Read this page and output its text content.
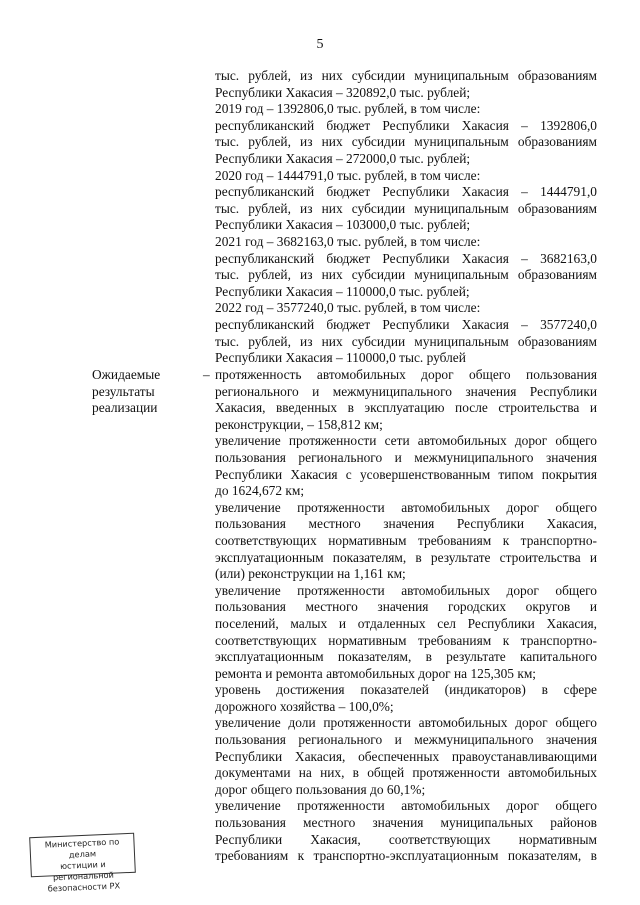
5
тыс. рублей, из них субсидии муниципальным образованиям
Республики Хакасия – 320892,0 тыс. рублей;
2019 год – 1392806,0 тыс. рублей, в том числе:
республиканский бюджет Республики Хакасия – 1392806,0
тыс. рублей, из них субсидии муниципальным образованиям
Республики Хакасия – 272000,0 тыс. рублей;
2020 год – 1444791,0 тыс. рублей, в том числе:
республиканский бюджет Республики Хакасия – 1444791,0
тыс. рублей, из них субсидии муниципальным образованиям
Республики Хакасия – 103000,0 тыс. рублей;
2021 год – 3682163,0 тыс. рублей, в том числе:
республиканский бюджет Республики Хакасия – 3682163,0
тыс. рублей, из них субсидии муниципальным образованиям
Республики Хакасия – 110000,0 тыс. рублей;
2022 год – 3577240,0 тыс. рублей, в том числе:
республиканский бюджет Республики Хакасия – 3577240,0
тыс. рублей, из них субсидии муниципальным образованиям
Республики Хакасия – 110000,0 тыс. рублей
Ожидаемые
результаты
реализации
– протяженность автомобильных дорог общего пользования
регионального и межмуниципального значения Республики
Хакасия, введенных в эксплуатацию после строительства и
реконструкции, – 158,812 км;
увеличение протяженности сети автомобильных дорог общего
пользования регионального и межмуниципального значения
Республики Хакасия с усовершенствованным типом покрытия
до 1624,672 км;
увеличение протяженности автомобильных дорог общего
пользования местного значения Республики Хакасия,
соответствующих нормативным требованиям к транспортно-
эксплуатационным показателям, в результате строительства и
(или) реконструкции на 1,161 км;
увеличение протяженности автомобильных дорог общего
пользования местного значения городских округов и
поселений, малых и отдаленных сел Республики Хакасия,
соответствующих нормативным требованиям к транспортно-
эксплуатационным показателям, в результате капитального
ремонта и ремонта автомобильных дорог на 125,305 км;
уровень достижения показателей (индикаторов) в сфере
дорожного хозяйства – 100,0%;
увеличение доли протяженности автомобильных дорог общего
пользования регионального и межмуниципального значения
Республики Хакасия, обеспеченных правоустанавливающими
документами на них, в общей протяженности автомобильных
дорог общего пользования до 60,1%;
увеличение протяженности автомобильных дорог общего
пользования местного значения муниципальных районов
Республики Хакасия, соответствующих нормативным
требованиям к транспортно-эксплуатационным показателям, в
Министерство по делам
юстиции и региональной
безопасности РХ
